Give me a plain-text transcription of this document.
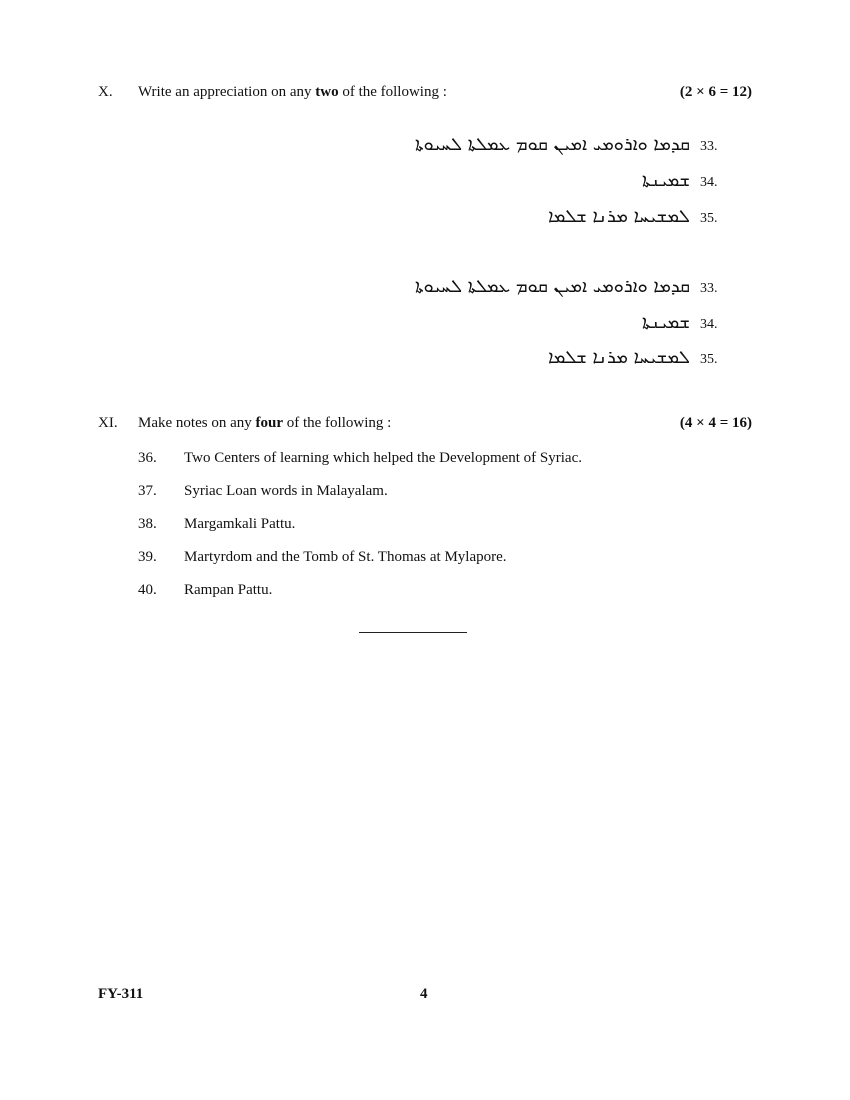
X.	Write an appreciation on any two of the following :	(2 × 6 = 12)
ܩܕܡܐ ܘܐܪܘܡܝ ܐܡܝܢ ܩܘܡ ܥܡܠܬܐ ܠܚܝܘܬܐ 33.
ܫܡܝܢܬܐ 34.
ܠܡܫܝܚܐ ܡܪܢܐ ܫܠܡܐ 35.
ܩܕܡܐ ܘܐܪܘܡܝ ܐܡܝܢ ܩܘܡ ܥܡܠܬܐ ܠܚܝܘܬܐ 33.
ܫܡܝܢܬܐ 34.
ܠܡܫܝܚܐ ܡܪܢܐ ܫܠܡܐ 35.
XI.	Make notes on any four of the following :	(4 × 4 = 16)
36.	Two Centers of learning which helped the Development of Syriac.
37.	Syriac Loan words in Malayalam.
38.	Margamkali Pattu.
39.	Martyrdom and the Tomb of St. Thomas at Mylapore.
40.	Rampan Pattu.
FY-311	4
